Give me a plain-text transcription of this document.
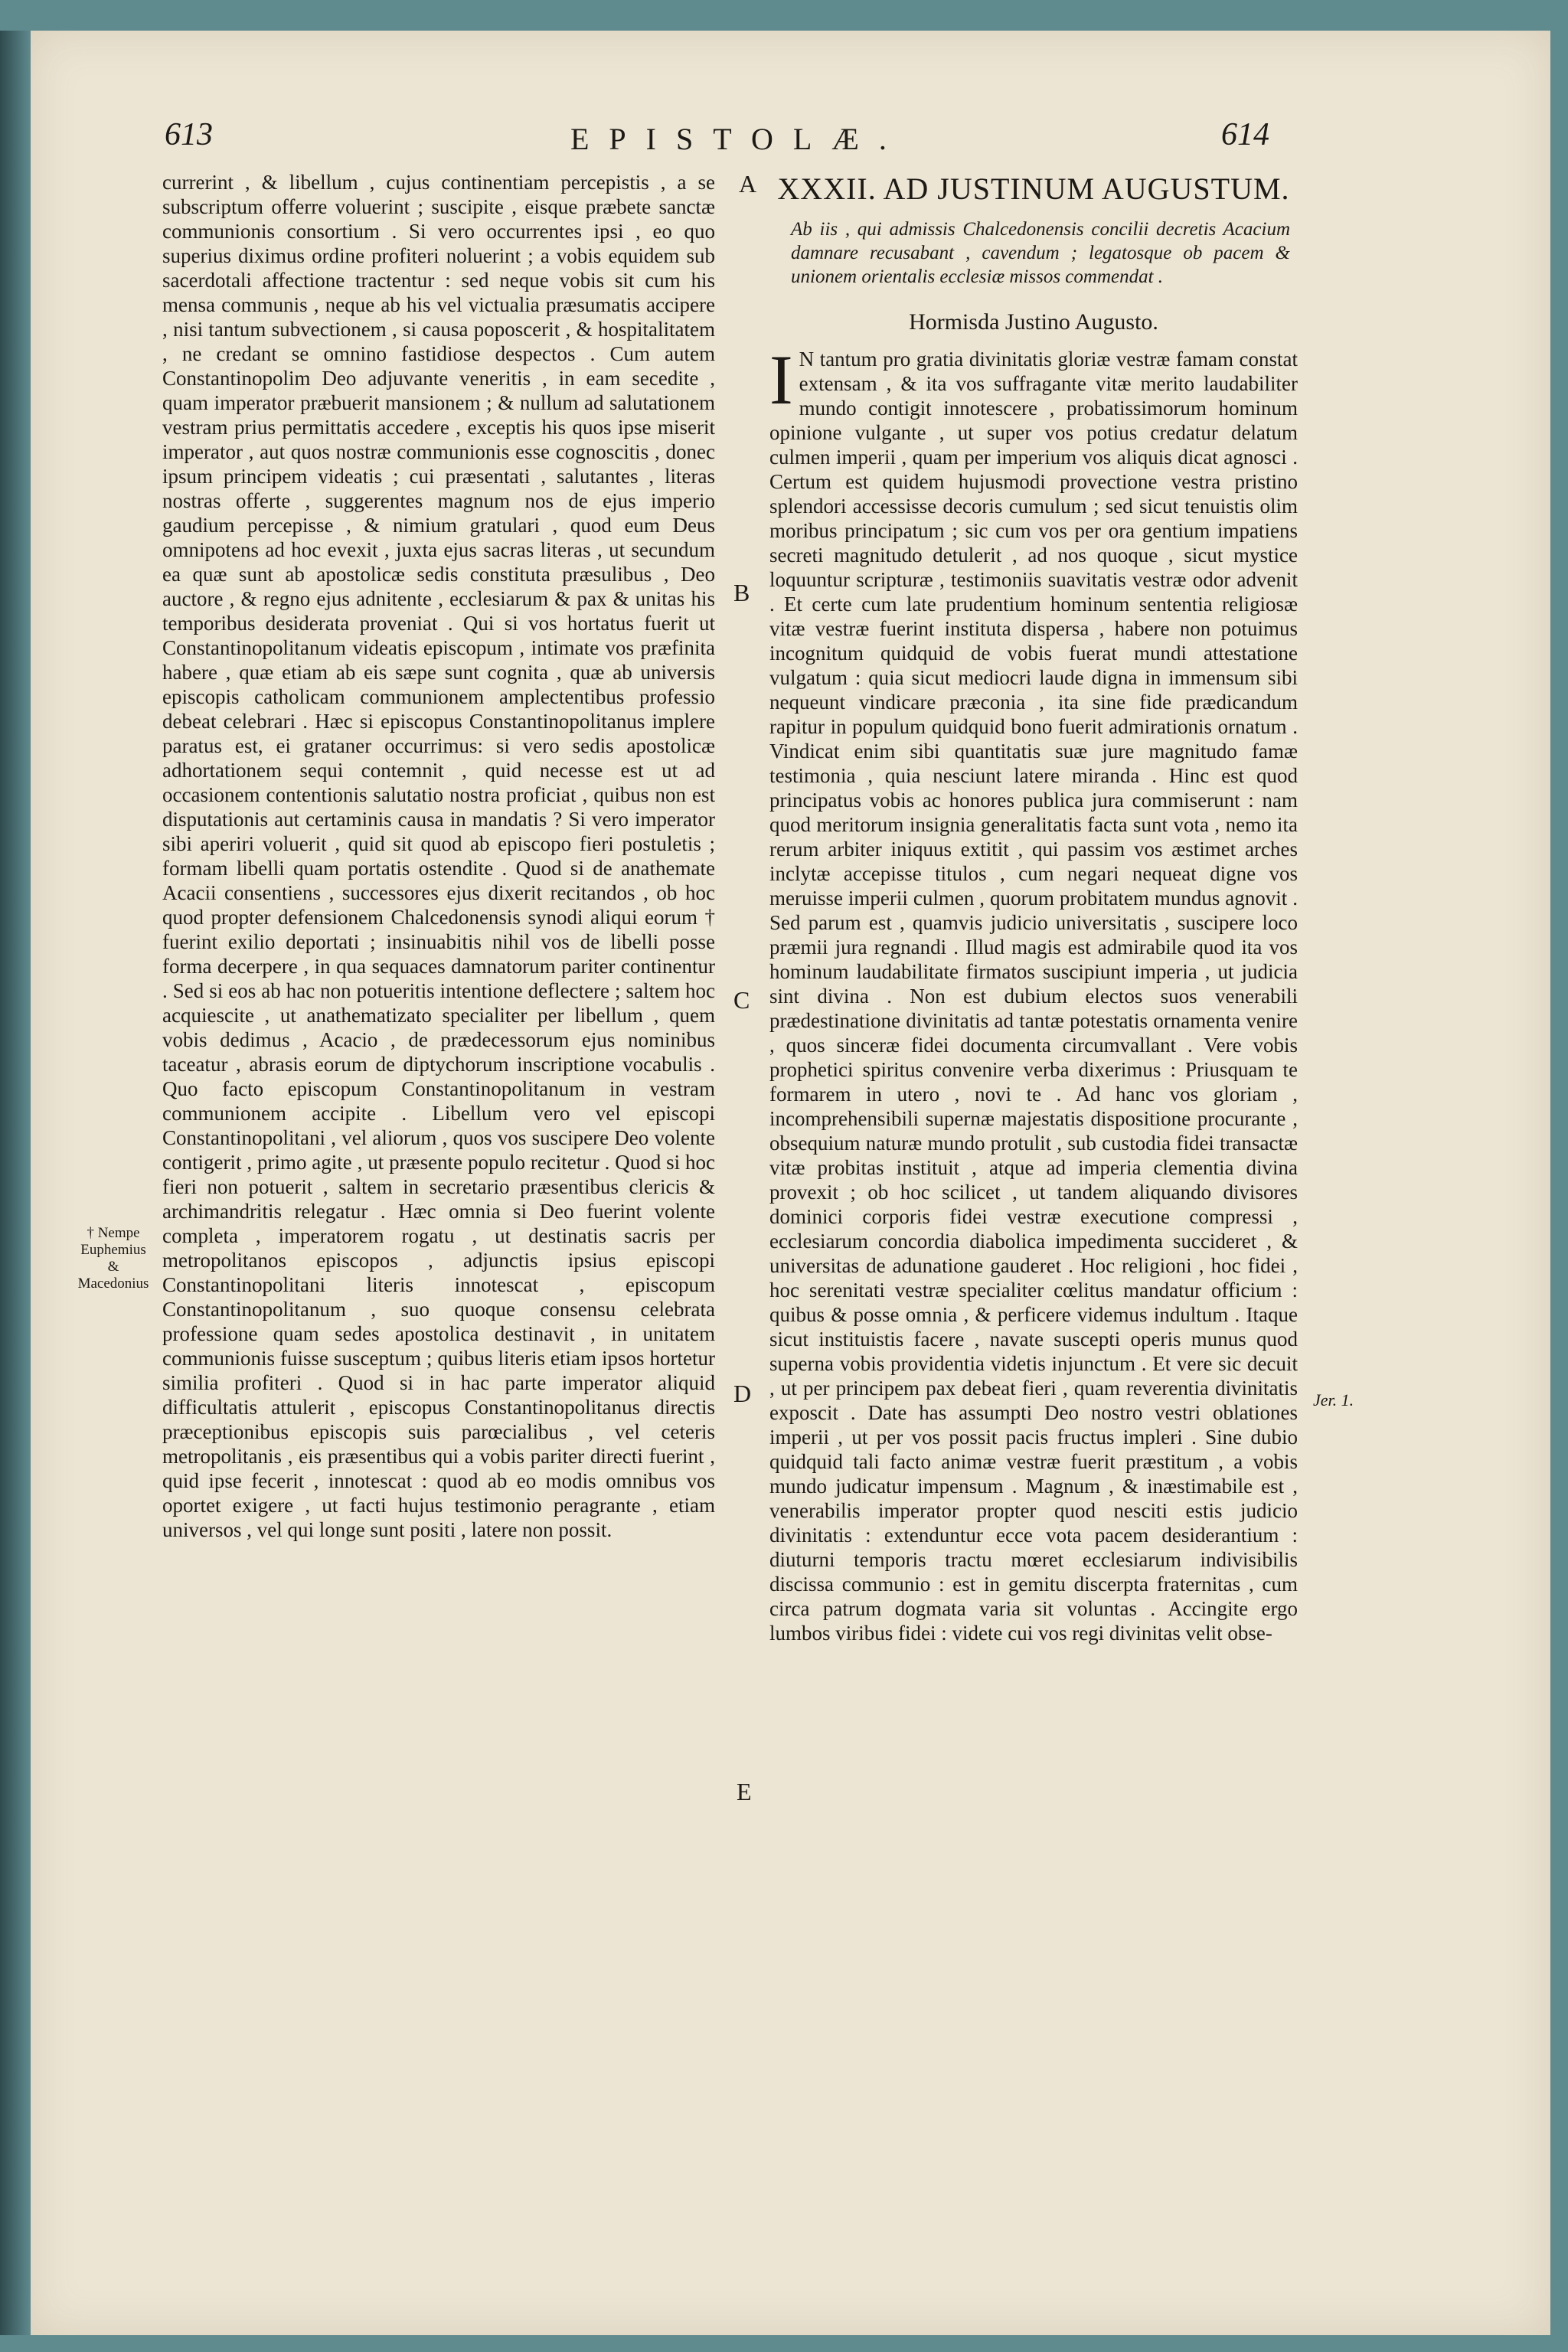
613	EPISTOLÆ.	614

currerint , & libellum , cujus continentiam percepistis , a se subscriptum offerre voluerint ; suscipite , eisque præbete sanctæ communionis consortium . Si vero occurrentes ipsi , eo quo superius diximus ordine profiteri noluerint ; a vobis equidem sub sacerdotali affectione tractentur : sed neque vobis sit cum his mensa communis , neque ab his vel victualia præsumatis accipere , nisi tantum subvectionem , si causa poposcerit , & hospitalitatem , ne credant se omnino fastidiose despectos . Cum autem Constantinopolim Deo adjuvante veneritis , in eam secedite , quam imperator præbuerit mansionem ; & nullum ad salutationem vestram prius permittatis accedere , exceptis his quos ipse miserit imperator , aut quos nostræ communionis esse cognoscitis , donec ipsum principem videatis ; cui præsentati , salutantes , literas nostras offerte , suggerentes magnum nos de ejus imperio gaudium percepisse , & nimium gratulari , quod eum Deus omnipotens ad hoc evexit , juxta ejus sacras literas , ut secundum ea quæ sunt ab apostolicæ sedis constituta præsulibus , Deo auctore , & regno ejus adnitente , ecclesiarum & pax & unitas his temporibus desiderata proveniat . Qui si vos hortatus fuerit ut Constantinopolitanum videatis episcopum , intimate vos præfinita habere , quæ etiam ab eis sæpe sunt cognita , quæ ab universis episcopis catholicam communionem amplectentibus professio debeat celebrari . Hæc si episcopus Constantinopolitanus implere paratus est, ei grataner occurrimus: si vero sedis apostolicæ adhortationem sequi contemnit , quid necesse est ut ad occasionem contentionis salutatio nostra proficiat , quibus non est disputationis aut certaminis causa in mandatis ? Si vero imperator sibi aperiri voluerit , quid sit quod ab episcopo fieri postuletis ; formam libelli quam portatis ostendite . Quod si de anathemate Acacii consentiens , successores ejus dixerit recitandos , ob hoc quod propter defensionem Chalcedonensis synodi aliqui eorum † fuerint exilio deportati ; insinuabitis nihil vos de libelli posse forma decerpere , in qua sequaces damnatorum pariter continentur . Sed si eos ab hac non potueritis intentione deflectere ; saltem hoc acquiescite , ut anathematizato specialiter per libellum , quem vobis dedimus , Acacio , de prædecessorum ejus nominibus taceatur , abrasis eorum de diptychorum inscriptione vocabulis . Quo facto episcopum Constantinopolitanum in vestram communionem accipite . Libellum vero vel episcopi Constantinopolitani , vel aliorum , quos vos suscipere Deo volente contigerit , primo agite , ut præsente populo recitetur . Quod si hoc fieri non potuerit , saltem in secretario præsentibus clericis & archimandritis relegatur . Hæc omnia si Deo fuerint volente completa , imperatorem rogatu , ut destinatis sacris per metropolitanos episcopos , adjunctis ipsius episcopi Constantinopolitani literis innotescat , episcopum Constantinopolitanum , suo quoque consensu celebrata professione quam sedes apostolica destinavit , in unitatem communionis fuisse susceptum ; quibus literis etiam ipsos hortetur similia profiteri . Quod si in hac parte imperator aliquid difficultatis attulerit , episcopus Constantinopolitanus directis præceptionibus episcopis suis parœcialibus , vel ceteris metropolitanis , eis præsentibus qui a vobis pariter directi fuerint , quid ipse fecerit , innotescat : quod ab eo modis omnibus vos oportet exigere , ut facti hujus testimonio peragrante , etiam universos , vel qui longe sunt positi , latere non possit.

† Nempe Euphemius & Macedonius
XXXII. AD JUSTINUM AUGUSTUM.
Ab iis , qui admissis Chalcedonensis concilii decretis Acacium damnare recusabant , cavendum ; legatosque ob pacem & unionem orientalis ecclesiæ missos commendat .
Hormisda Justino Augusto.

I N tantum pro gratia divinitatis gloriæ vestræ famam constat extensam , & ita vos suffragante vitæ merito laudabiliter mundo contigit innotescere , probatissimorum hominum opinione vulgante , ut super vos potius credatur delatum culmen imperii , quam per imperium vos aliquis dicat agnosci . Certum est quidem hujusmodi provectione vestra pristino splendori accessisse decoris cumulum ; sed sicut tenuistis olim moribus principatum ; sic cum vos per ora gentium impatiens secreti magnitudo detulerit , ad nos quoque , sicut mystice loquuntur scripturæ , testimoniis suavitatis vestræ odor advenit . Et certe cum late prudentium hominum sententia religiosæ vitæ vestræ fuerint instituta dispersa , habere non potuimus incognitum quidquid de vobis fuerat mundi attestatione vulgatum : quia sicut mediocri laude digna in immensum sibi nequeunt vindicare præconia , ita sine fide prædicandum rapitur in populum quidquid bono fuerit admirationis ornatum . Vindicat enim sibi quantitatis suæ jure magnitudo famæ testimonia , quia nesciunt latere miranda . Hinc est quod principatus vobis ac honores publica jura commiserunt : nam quod meritorum insignia generalitatis facta sunt vota , nemo ita rerum arbiter iniquus extitit , qui passim vos æstimet arches inclytæ accepisse titulos , cum negari nequeat digne vos meruisse imperii culmen , quorum probitatem mundus agnovit . Sed parum est , quamvis judicio universitatis , suscipere loco præmii jura regnandi . Illud magis est admirabile quod ita vos hominum laudabilitate firmatos suscipiunt imperia , ut judicia sint divina . Non est dubium electos suos venerabili prædestinatione divinitatis ad tantæ potestatis ornamenta venire , quos sinceræ fidei documenta circumvallant . Vere vobis prophetici spiritus convenire verba dixerimus : Priusquam te formarem in utero , novi te . Ad hanc vos gloriam , incomprehensibili supernæ majestatis dispositione procurante , obsequium naturæ mundo protulit , sub custodia fidei transactæ vitæ probitas instituit , atque ad imperia clementia divina provexit ; ob hoc scilicet , ut tandem aliquando divisores dominici corporis fidei vestræ executione compressi , ecclesiarum concordia diabolica impedimenta succideret , & universitas de adunatione gauderet . Hoc religioni , hoc fidei , hoc serenitati vestræ specialiter cœlitus mandatur officium : quibus & posse omnia , & perficere videmus indultum . Itaque sicut instituistis facere , navate suscepti operis munus quod superna vobis providentia videtis injunctum . Et vere sic decuit , ut per principem pax debeat fieri , quam reverentia divinitatis exposcit . Date has assumpti Deo nostro vestri oblationes imperii , ut per vos possit pacis fructus impleri . Sine dubio quidquid tali facto animæ vestræ fuerit præstitum , a vobis mundo judicatur impensum . Magnum , & inæstimabile est , venerabilis imperator propter quod nesciti estis judicio divinitatis : extenduntur ecce vota pacem desiderantium : diuturni temporis tractu mœret ecclesiarum indivisibilis discissa communio : est in gemitu discerpta fraternitas , cum circa patrum dogmata varia sit voluntas . Accingite ergo lumbos viribus fidei : videte cui vos regi divinitas velit obse-

Jer. 1.
A
B
C
D
E
